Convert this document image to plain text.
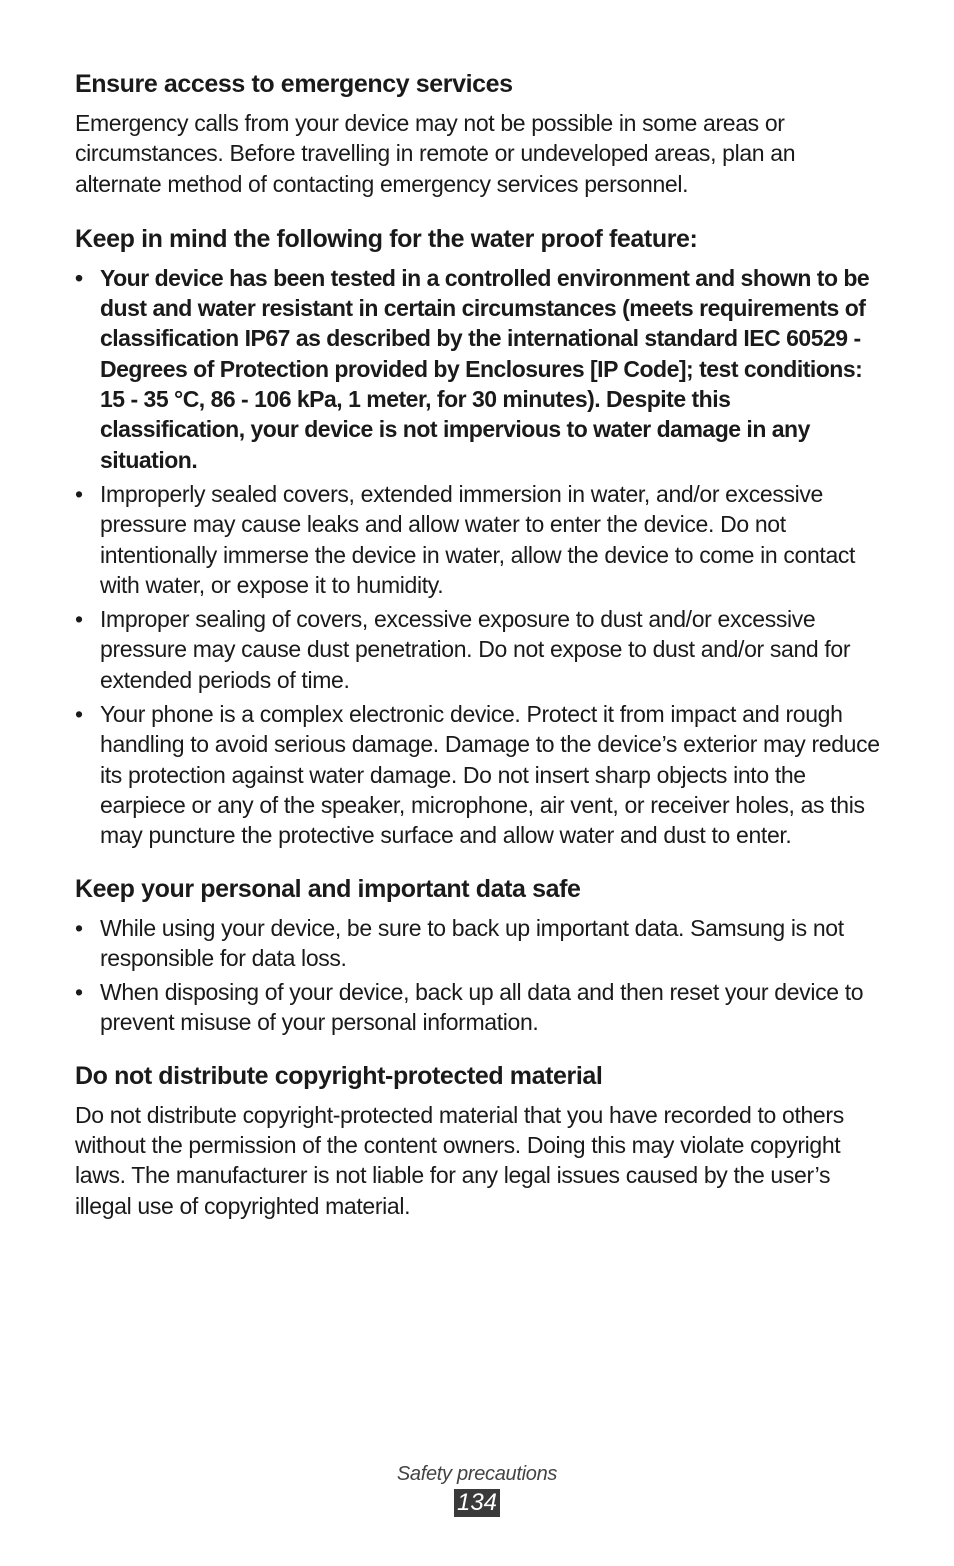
Ensure access to emergency services

Emergency calls from your device may not be possible in some areas or circumstances. Before travelling in remote or undeveloped areas, plan an alternate method of contacting emergency services personnel.

Keep in mind the following for the water proof feature:
• Your device has been tested in a controlled environment and shown to be dust and water resistant in certain circumstances (meets requirements of classification IP67 as described by the international standard IEC 60529 - Degrees of Protection provided by Enclosures [IP Code]; test conditions: 15 - 35 °C, 86 - 106 kPa, 1 meter, for 30 minutes). Despite this classification, your device is not impervious to water damage in any situation.
• Improperly sealed covers, extended immersion in water, and/or excessive pressure may cause leaks and allow water to enter the device. Do not intentionally immerse the device in water, allow the device to come in contact with water, or expose it to humidity.
• Improper sealing of covers, excessive exposure to dust and/or excessive pressure may cause dust penetration. Do not expose to dust and/or sand for extended periods of time.
• Your phone is a complex electronic device. Protect it from impact and rough handling to avoid serious damage. Damage to the device’s exterior may reduce its protection against water damage. Do not insert sharp objects into the earpiece or any of the speaker, microphone, air vent, or receiver holes, as this may puncture the protective surface and allow water and dust to enter.
Keep your personal and important data safe
• While using your device, be sure to back up important data. Samsung is not responsible for data loss.
• When disposing of your device, back up all data and then reset your device to prevent misuse of your personal information.
Do not distribute copyright-protected material

Do not distribute copyright-protected material that you have recorded to others without the permission of the content owners. Doing this may violate copyright laws. The manufacturer is not liable for any legal issues caused by the user’s illegal use of copyrighted material.

Safety precautions
134
